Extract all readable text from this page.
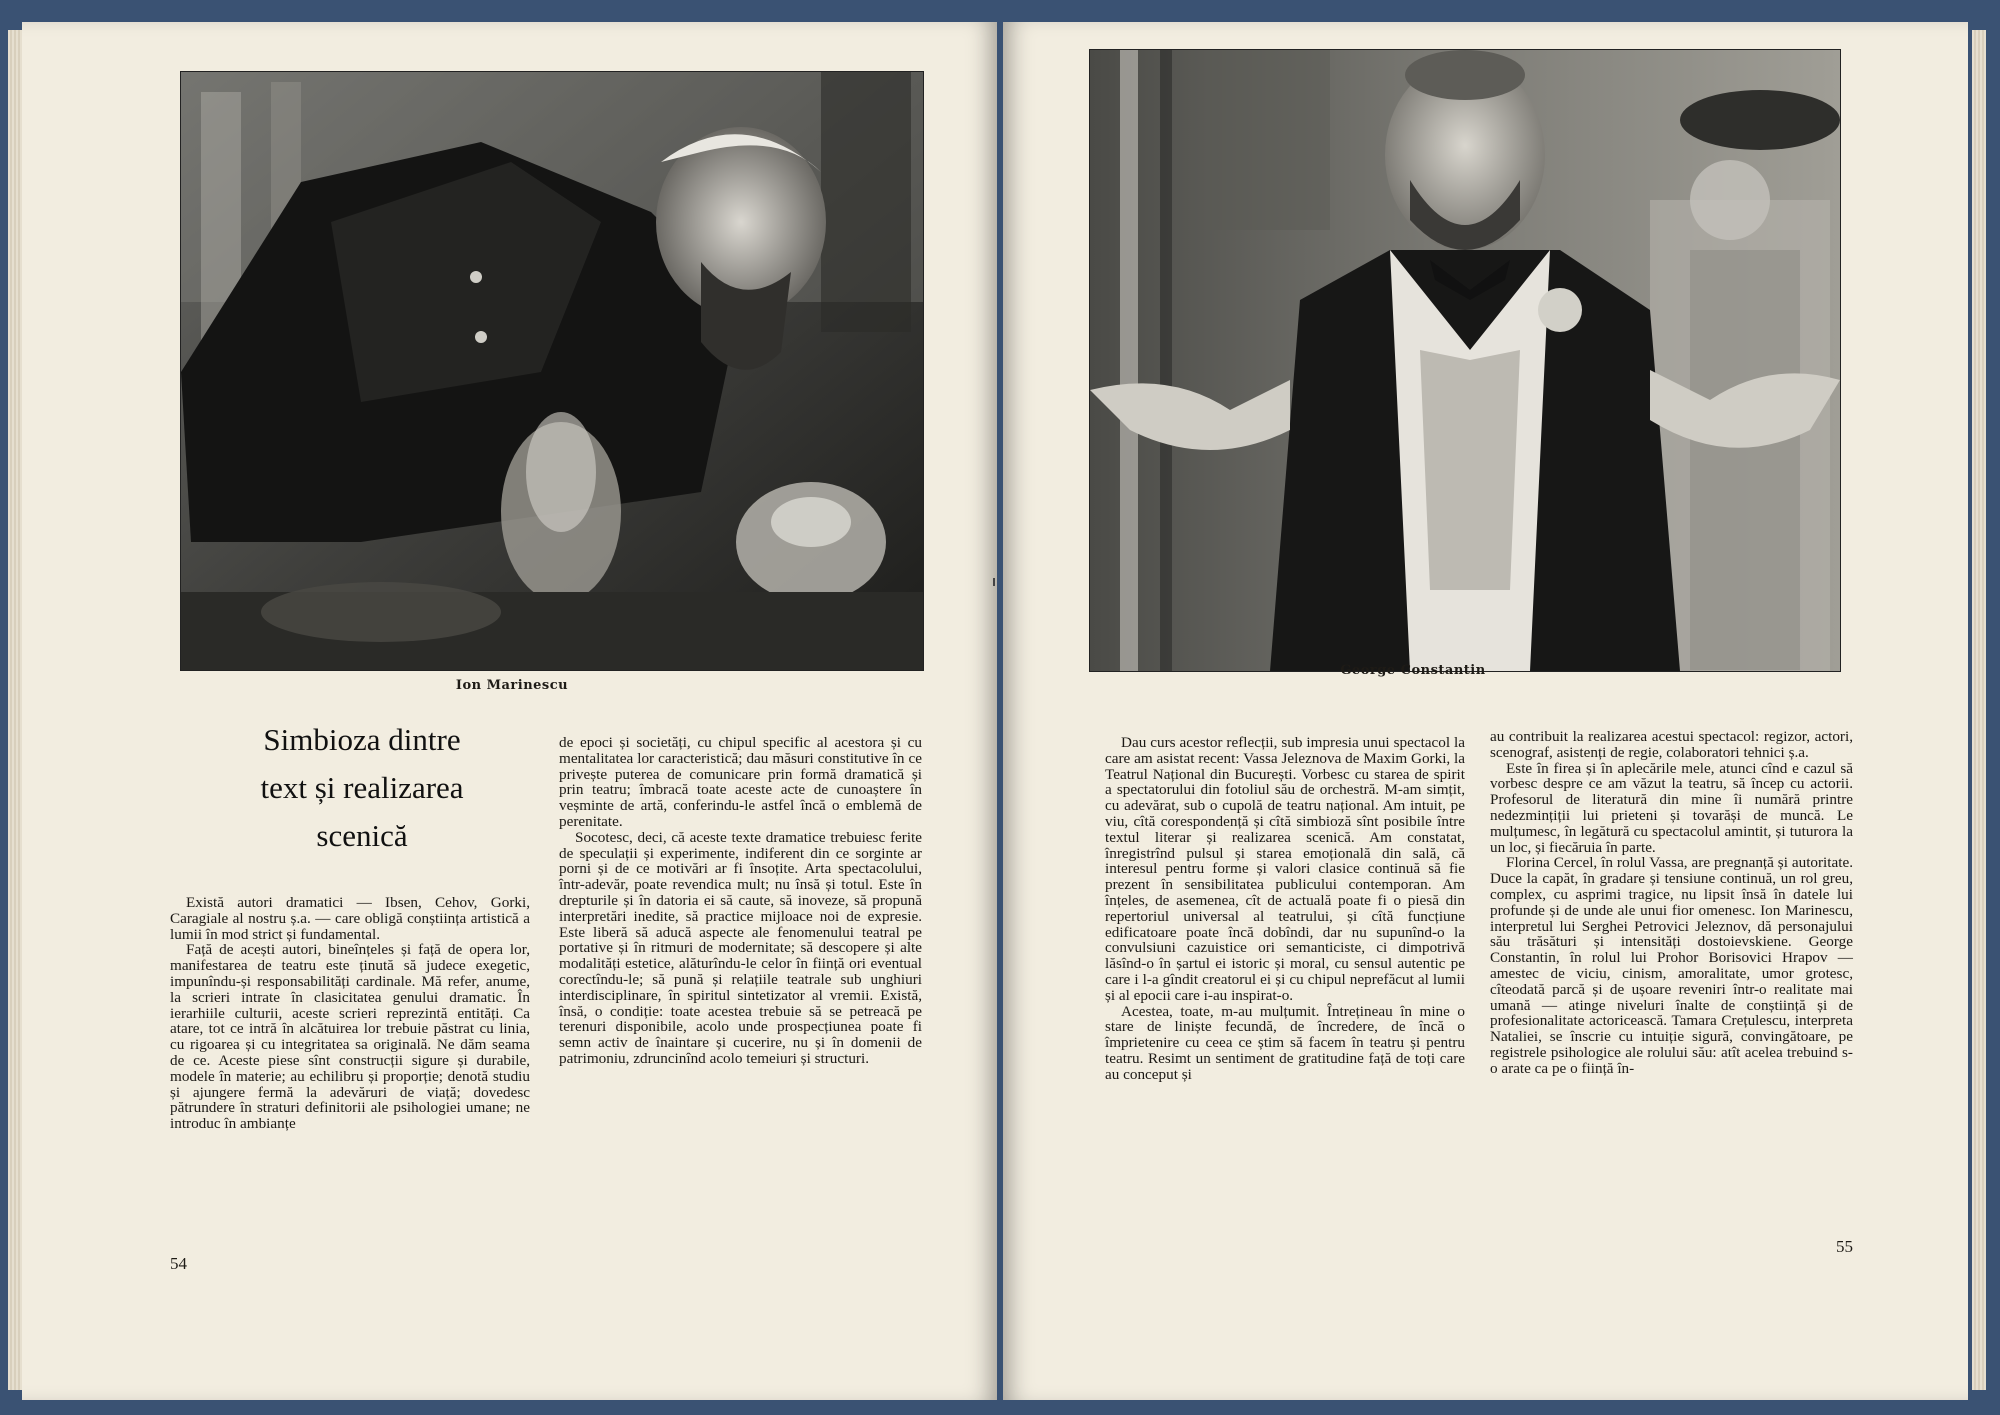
Ion Marinescu
Simbioza dintre
text și realizarea
scenică

Există autori dramatici — Ibsen, Cehov, Gorki, Caragiale al nostru ș.a. — care obligă conștiința artistică a lumii în mod strict și fundamental.

Față de acești autori, bineînțeles și față de opera lor, manifestarea de teatru este ținută să judece exegetic, impunîndu-și responsabilități cardinale. Mă refer, anume, la scrieri intrate în clasicitatea genului dramatic. În ierarhiile culturii, aceste scrieri reprezintă entități. Ca atare, tot ce intră în alcătuirea lor trebuie păstrat cu linia, cu rigoarea și cu integritatea sa originală. Ne dăm seama de ce. Aceste piese sînt construcții sigure și durabile, modele în materie; au echilibru și proporție; denotă studiu și ajungere fermă la adevăruri de viață; dovedesc pătrundere în straturi definitorii ale psihologiei umane; ne introduc în ambianțe

de epoci și societăți, cu chipul specific al acestora și cu mentalitatea lor caracteristică; dau măsuri constitutive în ce privește puterea de comunicare prin formă dramatică și prin teatru; îmbracă toate aceste acte de cunoaștere în veșminte de artă, conferindu-le astfel încă o emblemă de perenitate.

Socotesc, deci, că aceste texte dramatice trebuiesc ferite de speculații și experimente, indiferent din ce sorginte ar porni și de ce motivări ar fi însoțite. Arta spectacolului, într-adevăr, poate revendica mult; nu însă și totul. Este în drepturile și în datoria ei să caute, să inoveze, să propună interpretări inedite, să practice mijloace noi de expresie. Este liberă să aducă aspecte ale fenomenului teatral pe portative și în ritmuri de modernitate; să descopere și alte modalități estetice, alăturîndu-le celor în ființă ori eventual corectîndu-le; să pună și relațiile teatrale sub unghiuri interdisciplinare, în spiritul sintetizator al vremii. Există, însă, o condiție: toate acestea trebuie să se petreacă pe terenuri disponibile, acolo unde prospecțiunea poate fi semn activ de înaintare și cucerire, nu și în domenii de patrimoniu, zdruncinînd acolo temeiuri și structuri.

54
George Constantin

Dau curs acestor reflecții, sub impresia unui spectacol la care am asistat recent: Vassa Jeleznova de Maxim Gorki, la Teatrul Național din București. Vorbesc cu starea de spirit a spectatorului din fotoliul său de orchestră. M-am simțit, cu adevărat, sub o cupolă de teatru național. Am intuit, pe viu, cîtă corespondență și cîtă simbioză sînt posibile între textul literar și realizarea scenică. Am constatat, înregistrînd pulsul și starea emoțională din sală, că interesul pentru forme și valori clasice continuă să fie prezent în sensibilitatea publicului contemporan. Am înțeles, de asemenea, cît de actuală poate fi o piesă din repertoriul universal al teatrului, și cîtă funcțiune edificatoare poate încă dobîndi, dar nu supunînd-o la convulsiuni cazuistice ori semanticiste, ci dimpotrivă lăsînd-o în șartul ei istoric și moral, cu sensul autentic pe care i l-a gîndit creatorul ei și cu chipul neprefăcut al lumii și al epocii care i-au inspirat-o.

Acestea, toate, m-au mulțumit. Întrețineau în mine o stare de liniște fecundă, de încredere, de încă o împrietenire cu ceea ce știm să facem în teatru și pentru teatru. Resimt un sentiment de gratitudine față de toți care au conceput și

au contribuit la realizarea acestui spectacol: regizor, actori, scenograf, asistenți de regie, colaboratori tehnici ș.a.

Este în firea și în aplecările mele, atunci cînd e cazul să vorbesc despre ce am văzut la teatru, să încep cu actorii. Profesorul de literatură din mine îi numără printre nedezmințiții lui prieteni și tovarăși de muncă. Le mulțumesc, în legătură cu spectacolul amintit, și tuturora la un loc, și fiecăruia în parte.

Florina Cercel, în rolul Vassa, are pregnanță și autoritate. Duce la capăt, în gradare și tensiune continuă, un rol greu, complex, cu asprimi tragice, nu lipsit însă în datele lui profunde și de unde ale unui fior omenesc. Ion Marinescu, interpretul lui Serghei Petrovici Jeleznov, dă personajului său trăsături și intensități dostoievskiene. George Constantin, în rolul lui Prohor Borisovici Hrapov — amestec de viciu, cinism, amoralitate, umor grotesc, cîteodată parcă și de ușoare reveniri într-o realitate mai umană — atinge niveluri înalte de conștiință și de profesionalitate actoricească. Tamara Crețulescu, interpreta Nataliei, se înscrie cu intuiție sigură, convingătoare, pe registrele psihologice ale rolului său: atît acelea trebuind s-o arate ca pe o ființă în-

55
